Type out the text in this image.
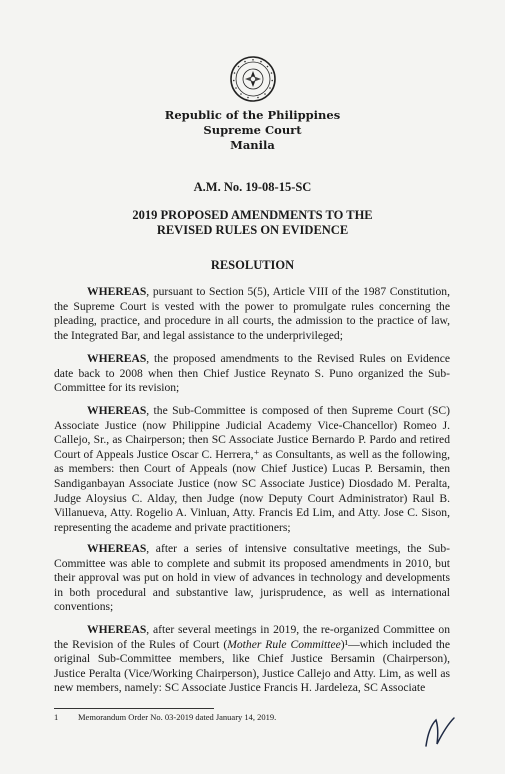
Republic of the Philippines
Supreme Court
Manila
A.M. No. 19-08-15-SC
2019 PROPOSED AMENDMENTS TO THE
REVISED RULES ON EVIDENCE
RESOLUTION

WHEREAS, pursuant to Section 5(5), Article VIII of the 1987 Constitution, the Supreme Court is vested with the power to promulgate rules concerning the pleading, practice, and procedure in all courts, the admission to the practice of law, the Integrated Bar, and legal assistance to the underprivileged;

WHEREAS, the proposed amendments to the Revised Rules on Evidence date back to 2008 when then Chief Justice Reynato S. Puno organized the Sub-Committee for its revision;

WHEREAS, the Sub-Committee is composed of then Supreme Court (SC) Associate Justice (now Philippine Judicial Academy Vice-Chancellor) Romeo J. Callejo, Sr., as Chairperson; then SC Associate Justice Bernardo P. Pardo and retired Court of Appeals Justice Oscar C. Herrera,⁺ as Consultants, as well as the following, as members: then Court of Appeals (now Chief Justice) Lucas P. Bersamin, then Sandiganbayan Associate Justice (now SC Associate Justice) Diosdado M. Peralta, Judge Aloysius C. Alday, then Judge (now Deputy Court Administrator) Raul B. Villanueva, Atty. Rogelio A. Vinluan, Atty. Francis Ed Lim, and Atty. Jose C. Sison, representing the academe and private practitioners;

WHEREAS, after a series of intensive consultative meetings, the Sub-Committee was able to complete and submit its proposed amendments in 2010, but their approval was put on hold in view of advances in technology and developments in both procedural and substantive law, jurisprudence, as well as international conventions;

WHEREAS, after several meetings in 2019, the re-organized Committee on the Revision of the Rules of Court (Mother Rule Committee)¹—which included the original Sub-Committee members, like Chief Justice Bersamin (Chairperson), Justice Peralta (Vice/Working Chairperson), Justice Callejo and Atty. Lim, as well as new members, namely: SC Associate Justice Francis H. Jardeleza, SC Associate

1 Memorandum Order No. 03-2019 dated January 14, 2019.
